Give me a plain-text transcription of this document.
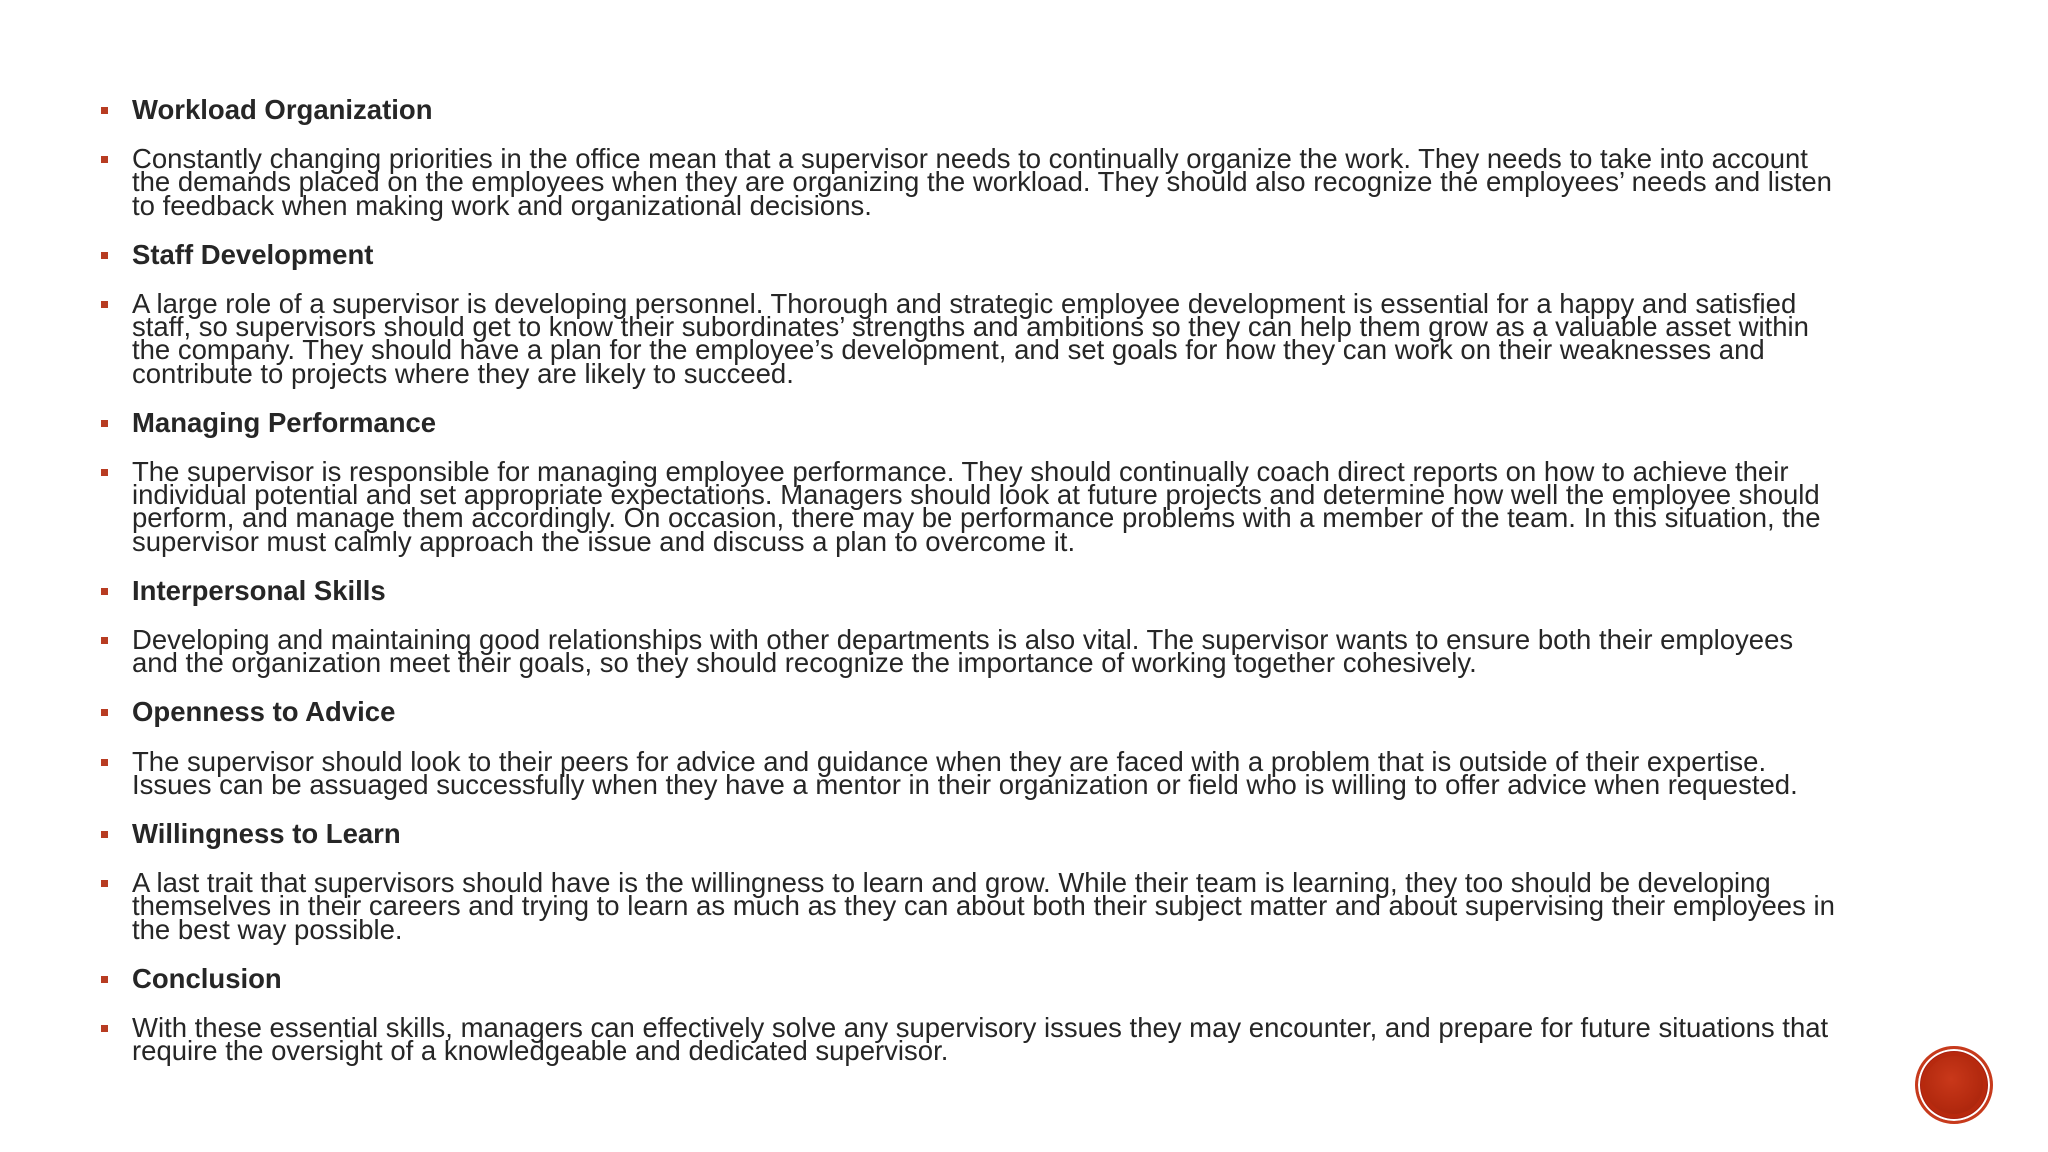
Workload Organization
Constantly changing priorities in the office mean that a supervisor needs to continually organize the work. They needs to take into account the demands placed on the employees when they are organizing the workload. They should also recognize the employees’ needs and listen to feedback when making work and organizational decisions.
Staff Development
A large role of a supervisor is developing personnel. Thorough and strategic employee development is essential for a happy and satisfied staff, so supervisors should get to know their subordinates’ strengths and ambitions so they can help them grow as a valuable asset within the company. They should have a plan for the employee’s development, and set goals for how they can work on their weaknesses and contribute to projects where they are likely to succeed.
Managing Performance
The supervisor is responsible for managing employee performance. They should continually coach direct reports on how to achieve their individual potential and set appropriate expectations. Managers should look at future projects and determine how well the employee should perform, and manage them accordingly. On occasion, there may be performance problems with a member of the team. In this situation, the supervisor must calmly approach the issue and discuss a plan to overcome it.
Interpersonal Skills
Developing and maintaining good relationships with other departments is also vital. The supervisor wants to ensure both their employees and the organization meet their goals, so they should recognize the importance of working together cohesively.
Openness to Advice
The supervisor should look to their peers for advice and guidance when they are faced with a problem that is outside of their expertise. Issues can be assuaged successfully when they have a mentor in their organization or field who is willing to offer advice when requested.
Willingness to Learn
A last trait that supervisors should have is the willingness to learn and grow. While their team is learning, they too should be developing themselves in their careers and trying to learn as much as they can about both their subject matter and about supervising their employees in the best way possible.
Conclusion
With these essential skills, managers can effectively solve any supervisory issues they may encounter, and prepare for future situations that require the oversight of a knowledgeable and dedicated supervisor.
